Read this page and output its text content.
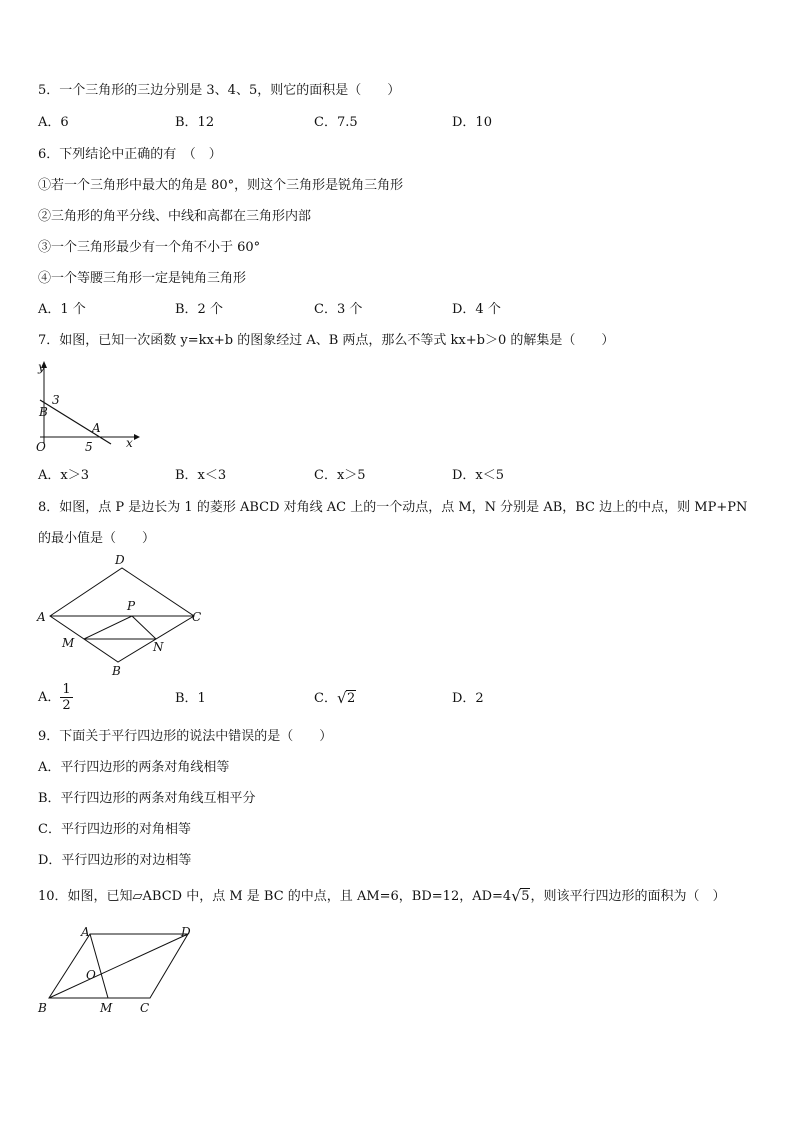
5．一个三角形的三边分别是 3、4、5，则它的面积是（　　）
A．6	B．12	C．7.5	D．10
6．下列结论中正确的有　（　）
①若一个三角形中最大的角是 80°，则这个三角形是锐角三角形
②三角形的角平分线、中线和高都在三角形内部
③一个三角形最少有一个角不小于 60°
④一个等腰三角形一定是钝角三角形
A．1 个	B．2 个	C．3 个	D．4 个
7．如图，已知一次函数 y=kx+b 的图象经过 A、B 两点，那么不等式 kx+b＞0 的解集是（　　）
y
3
B
A
O	5	x
A．x＞3	B．x＜3	C．x＞5	D．x＜5
8．如图，点 P 是边长为 1 的菱形 ABCD 对角线 AC 上的一个动点，点 M，N 分别是 AB，BC 边上的中点，则 MP+PN
的最小值是（　　）
D
A
P
C
M	N
B
A． $\frac{1}{2}$	B．1	C． √ 2	D．2
9．下面关于平行四边形的说法中错误的是（　　）
A．平行四边形的两条对角线相等
B．平行四边形的两条对角线互相平分
C．平行四边形的对角相等
D．平行四边形的对边相等
10．如图，已知▱ABCD 中，点 M 是 BC 的中点，且 AM=6，BD=12，AD=4 √ 5，则该平行四边形的面积为（　）
A	D
O
B	M C
